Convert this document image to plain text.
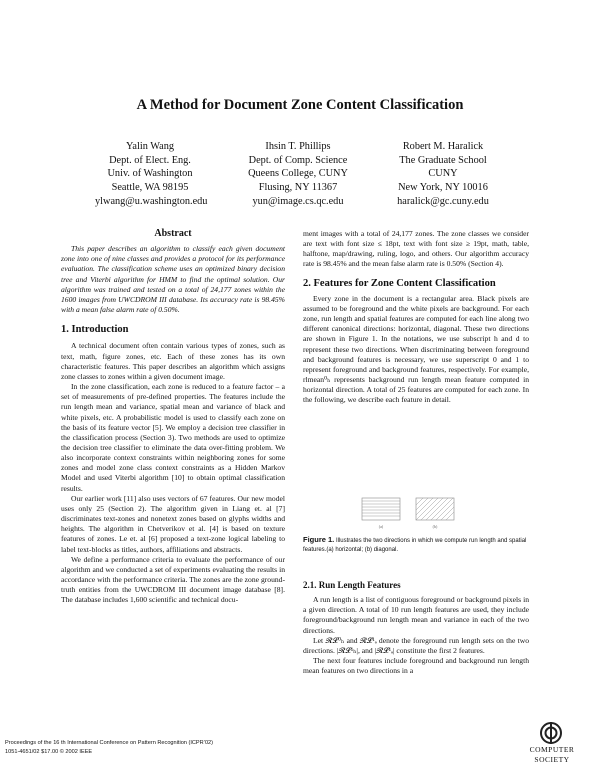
A Method for Document Zone Content Classification
Yalin Wang
Dept. of Elect. Eng.
Univ. of Washington
Seattle, WA 98195
ylwang@u.washington.edu
Ihsin T. Phillips
Dept. of Comp. Science
Queens College, CUNY
Flusing, NY 11367
yun@image.cs.qc.edu
Robert M. Haralick
The Graduate School
CUNY
New York, NY 10016
haralick@gc.cuny.edu
Abstract

This paper describes an algorithm to classify each given document zone into one of nine classes and provides a protocol for its performance evaluation. The classification scheme uses an optimized binary decision tree and Viterbi algorithm for HMM to find the optimal solution. Our algorithm was trained and tested on a total of 24,177 zones within the 1600 images from UWCDROM III database. Its accuracy rate is 98.45% with a mean false alarm rate of 0.50%.

1. Introduction

A technical document often contain various types of zones, such as text, math, figure zones, etc. Each of these zones has its own characteristic features. This paper describes an algorithm which assigns zone classes to zones within a given document image.

In the zone classification, each zone is reduced to a feature factor – a set of measurements of pre-defined properties. The features include the run length mean and variance, spatial mean and variance of black and white pixels, etc. A probabilistic model is used to classify each zone on the basis of its feature vector [5]. We employ a decision tree classifier in the classification process (Section 3). Two methods are used to optimize the decision tree classifier to eliminate the data over-fitting problem. We also incorporate context constraints within neighboring zones for some zones and model zone class context constraints as a Hidden Markov Model and used Viterbi algorithm [10] to obtain optimal classification results.

Our earlier work [11] also uses vectors of 67 features. Our new model uses only 25 (Section 2). The algorithm given in Liang et. al [7] discriminates text-zones and nonetext zones based on glyphs widths and heights. The algorithm in Chetverikov et al. [4] is based on texture features of zones. Le et. al [6] proposed a text-zone logical labeling to label text-blocks as titles, authors, affiliations and abstracts.

We define a performance criteria to evaluate the performance of our algorithm and we conducted a set of experiments evaluating the results in accordance with the performance criteria. The zones are the zone ground-truth entities from the UWCDROM III document image database [8]. The database includes 1,600 scientific and technical docu-

ment images with a total of 24,177 zones. The zone classes we consider are text with font size ≤ 18pt, text with font size ≥ 19pt, math, table, halftone, map/drawing, ruling, logo, and others. Our algorithm accuracy rate is 98.45% and the mean false alarm rate is 0.50% (Section 4).

2. Features for Zone Content Classification

Every zone in the document is a rectangular area. Black pixels are assumed to be foreground and the white pixels are background. For each zone, run length and spatial features are computed for each line along two different canonical directions: horizontal, diagonal. These two directions are shown in Figure 1. In the notations, we use subscript h and d to represent these two directions. When discriminating between foreground and background features is necessary, we use superscript 0 and 1 to represent foreground and background features, respectively. For example, rlmean⁰ₕ represents background run length mean feature computed in horizontal direction. A total of 25 features are computed for each zone. In the following, we describe each feature in detail.

(a)	(b)
Figure 1. Illustrates the two directions in which we compute run length and spatial features.(a) horizontal; (b) diagonal.
2.1. Run Length Features

A run length is a list of contiguous foreground or background pixels in a given direction. A total of 10 run length features are used, they include foreground/background run length mean and variance in each of the two directions.

Let 𝓡𝓛⁰ₕ and 𝓡𝓛¹ₔ denote the foreground run length sets on the two directions. |𝓡𝓛¹ₕ|, and |𝓡𝓛¹ₔ| constitute the first 2 features.

The next four features include foreground and background run length mean features on two directions in a

Proceedings of the 16 th International Conference on Pattern Recognition (ICPR’02)
1051-4651/02 $17.00 © 2002 IEEE	COMPUTER
SOCIETY
